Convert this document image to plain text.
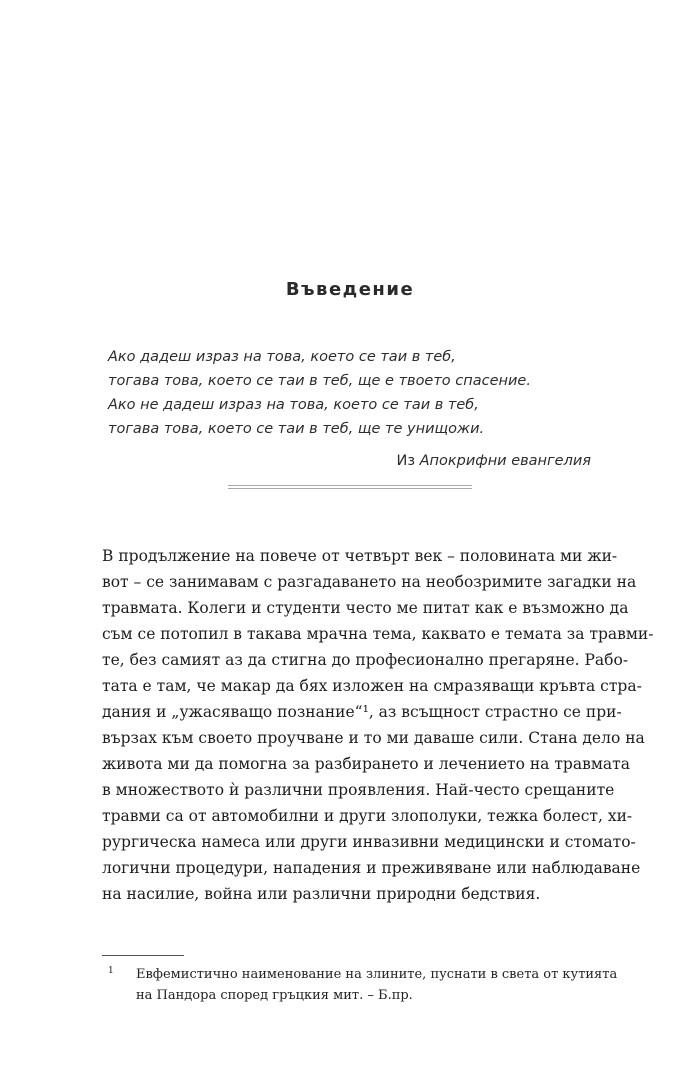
Въведение
Ако дадеш израз на това, което се таи в теб,
тогава това, което се таи в теб, ще е твоето спасение.
Ако не дадеш израз на това, което се таи в теб,
тогава това, което се таи в теб, ще те унищожи.
Из Апокрифни евангелия
В продължение на повече от четвърт век – половината ми жи-
вот – се занимавам с разгадаването на необозримите загадки на
травмата. Колеги и студенти често ме питат как е възможно да
съм се потопил в такава мрачна тема, каквато е темата за травми-
те, без самият аз да стигна до професионално прегаряне. Рабо-
тата е там, че макар да бях изложен на смразяващи кръвта стра-
дания и „ужасяващо познание“¹, аз всъщност страстно се при-
вързах към своето проучване и то ми даваше сили. Стана дело на
живота ми да помогна за разбирането и лечението на травмата
в множеството ѝ различни проявления. Най-често срещаните
травми са от автомобилни и други злополуки, тежка болест, хи-
рургическа намеса или други инвазивни медицински и стомато-
логични процедури, нападения и преживяване или наблюдаване
на насилие, война или различни природни бедствия.
1	Евфемистично наименование на злините, пуснати в света от кутията
на Пандора според гръцкия мит. – Б.пр.
